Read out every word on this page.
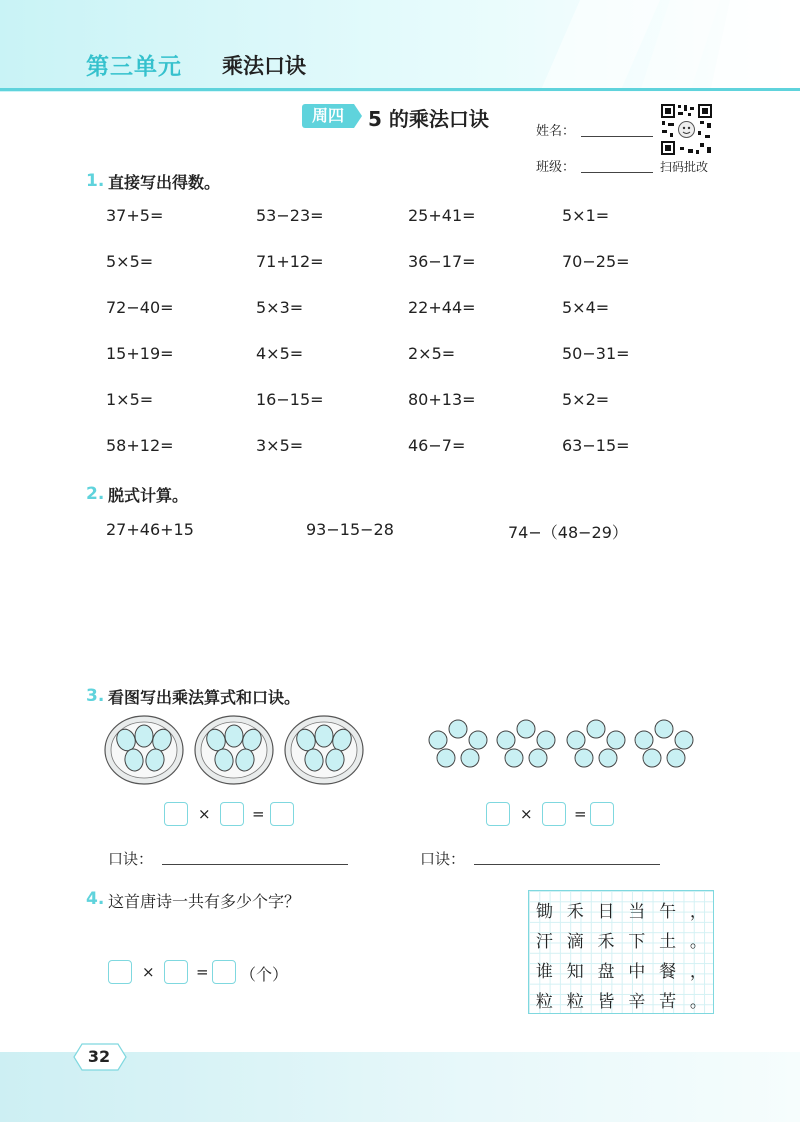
第三单元 乘法口诀
周四	5 的乘法口诀
姓名：
班级：	扫码批改
1. 直接写出得数。
37+5=	53−23=	25+41=	5×1=
5×5=	71+12=	36−17=	70−25=
72−40=	5×3=	22+44=	5×4=
15+19=	4×5=	2×5=	50−31=
1×5=	16−15=	80+13=	5×2=
58+12=	3×5=	46−7=	63−15=
2. 脱式计算。
27+46+15	93−15−28	74−（48−29）
3. 看图写出乘法算式和口诀。
×	=	×	=
口诀：	口诀：
4. 这首唐诗一共有多少个字？
×	= （个）
锄 禾 日 当 午 ，
汗 滴 禾 下 土 。
谁 知 盘 中 餐 ，
粒 粒 皆 辛 苦 。
32
